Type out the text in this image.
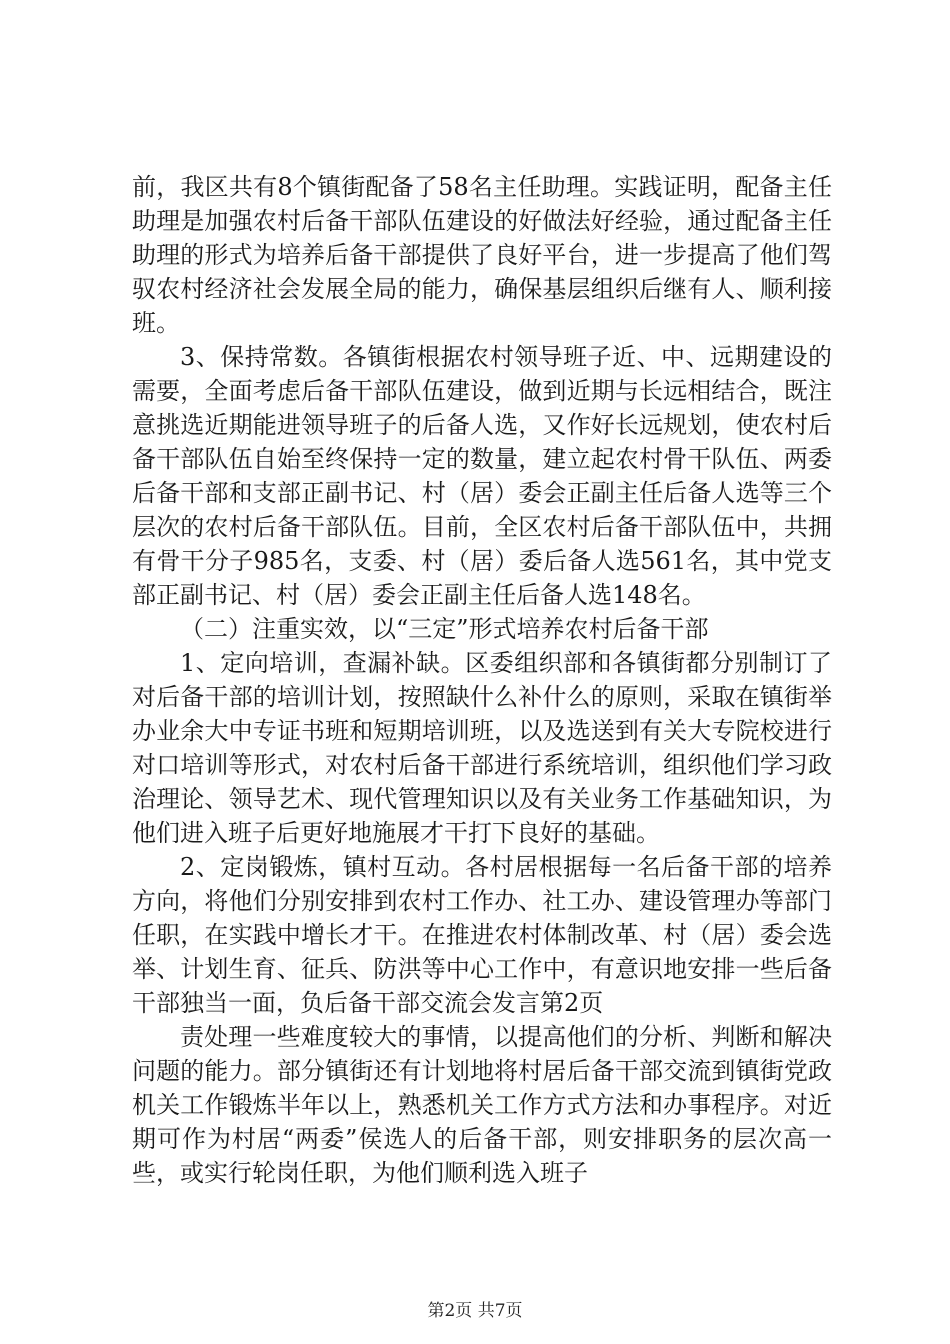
前，我区共有8个镇街配备了58名主任助理。实践证明，配备主任助理是加强农村后备干部队伍建设的好做法好经验，通过配备主任助理的形式为培养后备干部提供了良好平台，进一步提高了他们驾驭农村经济社会发展全局的能力，确保基层组织后继有人、顺利接班。

3、保持常数。各镇街根据农村领导班子近、中、远期建设的需要，全面考虑后备干部队伍建设，做到近期与长远相结合，既注意挑选近期能进领导班子的后备人选，又作好长远规划，使农村后备干部队伍自始至终保持一定的数量，建立起农村骨干队伍、两委后备干部和支部正副书记、村（居）委会正副主任后备人选等三个层次的农村后备干部队伍。目前，全区农村后备干部队伍中，共拥有骨干分子985名，支委、村（居）委后备人选561名，其中党支部正副书记、村（居）委会正副主任后备人选148名。

（二）注重实效，以“三定”形式培养农村后备干部

1、定向培训，查漏补缺。区委组织部和各镇街都分别制订了对后备干部的培训计划，按照缺什么补什么的原则，采取在镇街举办业余大中专证书班和短期培训班，以及选送到有关大专院校进行对口培训等形式，对农村后备干部进行系统培训，组织他们学习政治理论、领导艺术、现代管理知识以及有关业务工作基础知识，为他们进入班子后更好地施展才干打下良好的基础。

2、定岗锻炼，镇村互动。各村居根据每一名后备干部的培养方向，将他们分别安排到农村工作办、社工办、建设管理办等部门任职，在实践中增长才干。在推进农村体制改革、村（居）委会选举、计划生育、征兵、防洪等中心工作中，有意识地安排一些后备干部独当一面，负后备干部交流会发言第2页

责处理一些难度较大的事情，以提高他们的分析、判断和解决问题的能力。部分镇街还有计划地将村居后备干部交流到镇街党政机关工作锻炼半年以上，熟悉机关工作方式方法和办事程序。对近期可作为村居“两委”侯选人的后备干部，则安排职务的层次高一些，或实行轮岗任职，为他们顺利选入班子

第2页 共7页
